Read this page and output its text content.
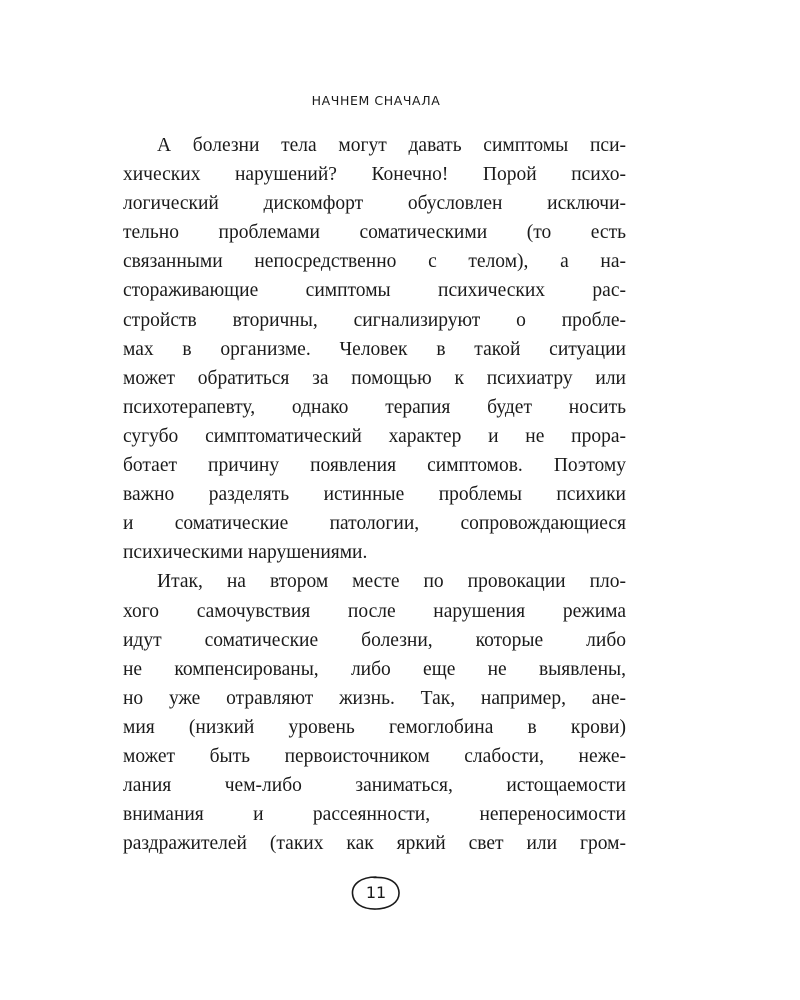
НАЧНЕМ СНАЧАЛА
А болезни тела могут давать симптомы пси-
хических нарушений? Конечно! Порой психо-
логический дискомфорт обусловлен исключи-
тельно проблемами соматическими (то есть
связанными непосредственно с телом), а на-
стораживающие симптомы психических рас-
стройств вторичны, сигнализируют о пробле-
мах в организме. Человек в такой ситуации
может обратиться за помощью к психиатру или
психотерапевту, однако терапия будет носить
сугубо симптоматический характер и не прора-
ботает причину появления симптомов. Поэтому
важно разделять истинные проблемы психики
и соматические патологии, сопровождающиеся
психическими нарушениями.
Итак, на втором месте по провокации пло-
хого самочувствия после нарушения режима
идут соматические болезни, которые либо
не компенсированы, либо еще не выявлены,
но уже отравляют жизнь. Так, например, ане-
мия (низкий уровень гемоглобина в крови)
может быть первоисточником слабости, неже-
лания чем-либо заниматься, истощаемости
внимания и рассеянности, непереносимости
раздражителей (таких как яркий свет или гром-
11
